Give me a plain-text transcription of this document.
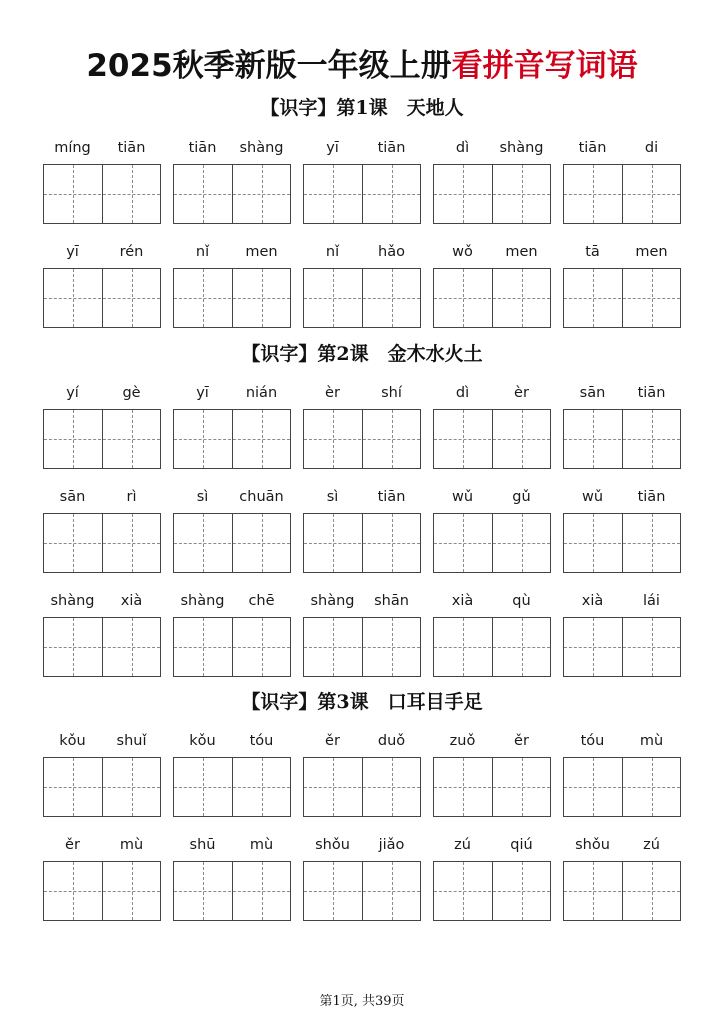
2025秋季新版一年级上册看拼音写词语
【识字】第1课　天地人
míng	tiān	tiān	shàng	yī	tiān	dì	shàng	tiān	di
yī	rén	nǐ	men	nǐ	hǎo	wǒ	men	tā	men
【识字】第2课　金木水火土
yí	gè	yī	nián	èr	shí	dì	èr	sān	tiān
sān	rì	sì	chuān	sì	tiān	wǔ	gǔ	wǔ	tiān
shàng	xià	shàng	chē	shàng	shān	xià	qù	xià	lái
【识字】第3课　口耳目手足
kǒu	shuǐ	kǒu	tóu	ěr	duǒ	zuǒ	ěr	tóu	mù
ěr	mù	shū	mù	shǒu	jiǎo	zú	qiú	shǒu	zú
第1页, 共39页
